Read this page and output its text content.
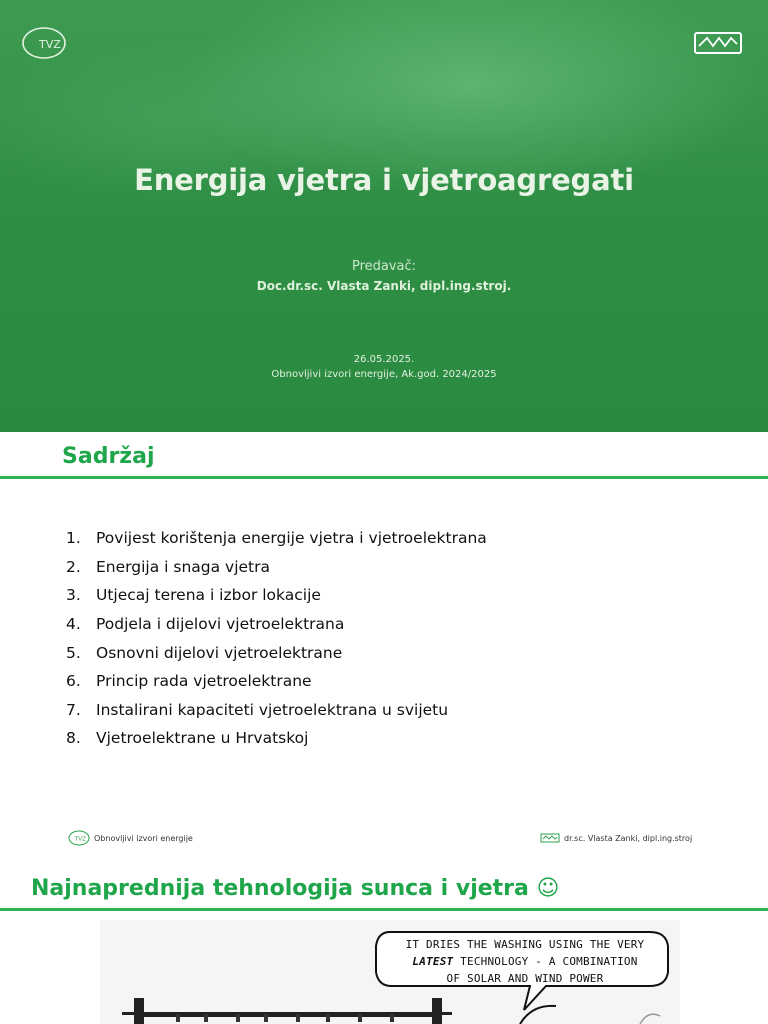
TVZ
Energija vjetra i vjetroagregati
Predavač:
Doc.dr.sc. Vlasta Zanki, dipl.ing.stroj.
26.05.2025.
Obnovljivi izvori energije, Ak.god. 2024/2025
Sadržaj
1. Povijest korištenja energije vjetra i vjetroelektrana
2. Energija i snaga vjetra
3. Utjecaj terena i izbor lokacije
4. Podjela i dijelovi vjetroelektrana
5. Osnovni dijelovi vjetroelektrane
6. Princip rada vjetroelektrane
7. Instalirani kapaciteti vjetroelektrana u svijetu
8. Vjetroelektrane u Hrvatskoj
TVZ Obnovljivi izvori energije	dr.sc. Vlasta Zanki, dipl.ing.stroj
Najnaprednija tehnologija sunca i vjetra ☺
IT DRIES THE WASHING USING THE VERY
LATEST TECHNOLOGY - A COMBINATION
OF SOLAR AND WIND POWER
